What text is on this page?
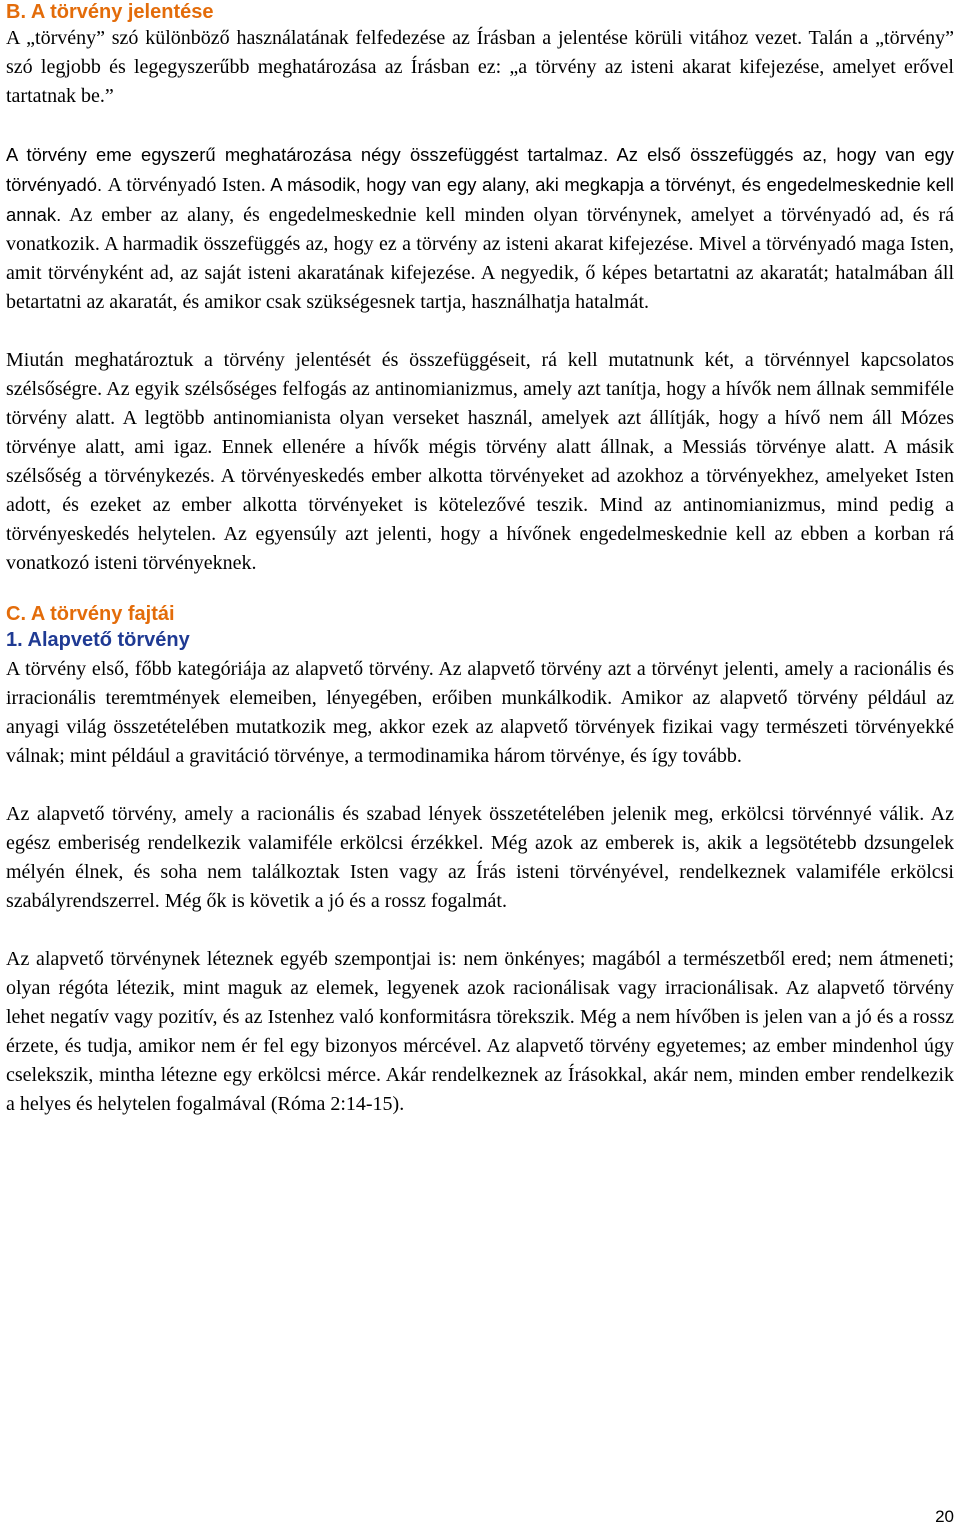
B. A törvény jelentése

A „törvény” szó különböző használatának felfedezése az Írásban a jelentése körüli vitához vezet. Talán a „törvény” szó legjobb és legegyszerűbb meghatározása az Írásban ez: „a törvény az isteni akarat kifejezése, amelyet erővel tartatnak be.”

A törvény eme egyszerű meghatározása négy összefüggést tartalmaz. Az első összefüggés az, hogy van egy törvényadó. A törvényadó Isten. A második, hogy van egy alany, aki megkapja a törvényt, és engedelmeskednie kell annak. Az ember az alany, és engedelmeskednie kell minden olyan törvénynek, amelyet a törvényadó ad, és rá vonatkozik. A harmadik összefüggés az, hogy ez a törvény az isteni akarat kifejezése. Mivel a törvényadó maga Isten, amit törvényként ad, az saját isteni akaratának kifejezése. A negyedik, ő képes betartatni az akaratát; hatalmában áll betartatni az akaratát, és amikor csak szükségesnek tartja, használhatja hatalmát.

Miután meghatároztuk a törvény jelentését és összefüggéseit, rá kell mutatnunk két, a törvénnyel kapcsolatos szélsőségre. Az egyik szélsőséges felfogás az antinomianizmus, amely azt tanítja, hogy a hívők nem állnak semmiféle törvény alatt. A legtöbb antinomianista olyan verseket használ, amelyek azt állítják, hogy a hívő nem áll Mózes törvénye alatt, ami igaz. Ennek ellenére a hívők mégis törvény alatt állnak, a Messiás törvénye alatt. A másik szélsőség a törvénykezés. A törvényeskedés ember alkotta törvényeket ad azokhoz a törvényekhez, amelyeket Isten adott, és ezeket az ember alkotta törvényeket is kötelezővé teszik. Mind az antinomianizmus, mind pedig a törvényeskedés helytelen. Az egyensúly azt jelenti, hogy a hívőnek engedelmeskednie kell az ebben a korban rá vonatkozó isteni törvényeknek.

C. A törvény fajtái
1. Alapvető törvény

A törvény első, főbb kategóriája az alapvető törvény. Az alapvető törvény azt a törvényt jelenti, amely a racionális és irracionális teremtmények elemeiben, lényegében, erőiben munkálkodik. Amikor az alapvető törvény például az anyagi világ összetételében mutatkozik meg, akkor ezek az alapvető törvények fizikai vagy természeti törvényekké válnak; mint például a gravitáció törvénye, a termodinamika három törvénye, és így tovább.

Az alapvető törvény, amely a racionális és szabad lények összetételében jelenik meg, erkölcsi törvénnyé válik. Az egész emberiség rendelkezik valamiféle erkölcsi érzékkel. Még azok az emberek is, akik a legsötétebb dzsungelek mélyén élnek, és soha nem találkoztak Isten vagy az Írás isteni törvényével, rendelkeznek valamiféle erkölcsi szabályrendszerrel. Még ők is követik a jó és a rossz fogalmát.

Az alapvető törvénynek léteznek egyéb szempontjai is: nem önkényes; magából a természetből ered; nem átmeneti; olyan régóta létezik, mint maguk az elemek, legyenek azok racionálisak vagy irracionálisak. Az alapvető törvény lehet negatív vagy pozitív, és az Istenhez való konformitásra törekszik. Még a nem hívőben is jelen van a jó és a rossz érzete, és tudja, amikor nem ér fel egy bizonyos mércével. Az alapvető törvény egyetemes; az ember mindenhol úgy cselekszik, mintha létezne egy erkölcsi mérce. Akár rendelkeznek az Írásokkal, akár nem, minden ember rendelkezik a helyes és helytelen fogalmával (Róma 2:14-15).

20
